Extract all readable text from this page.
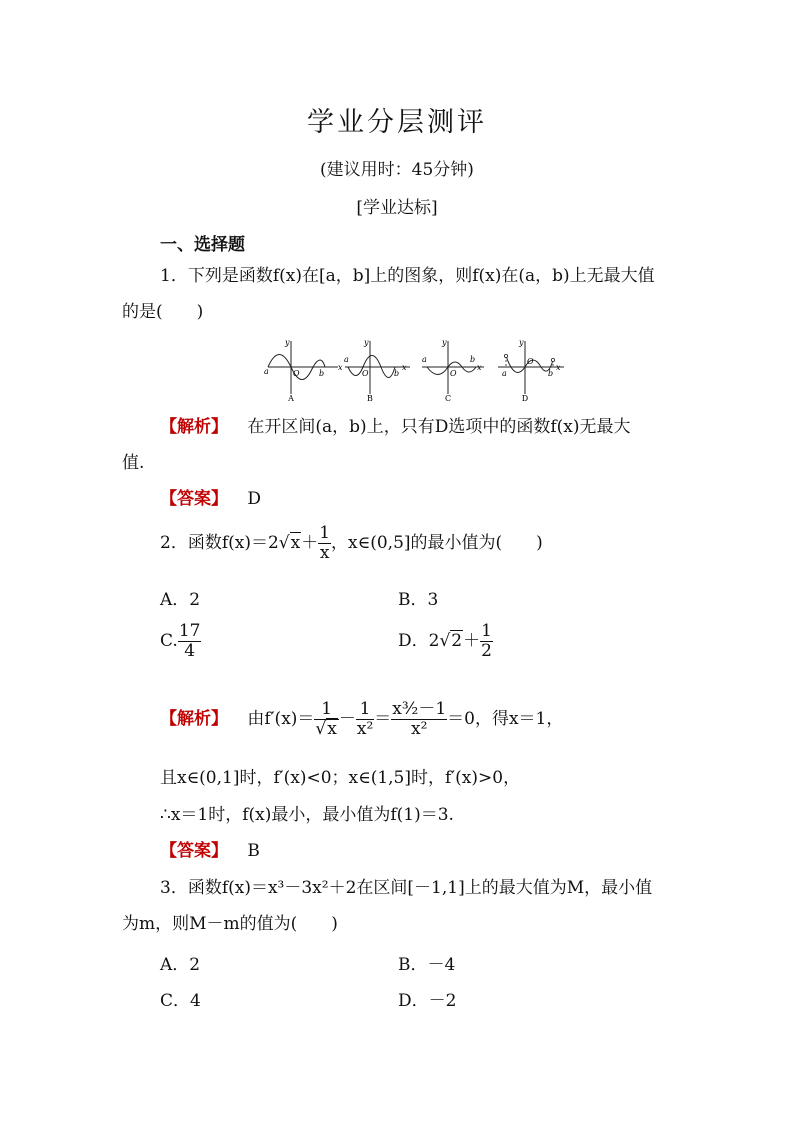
学业分层测评
(建议用时：45分钟)
[学业达标]
一、选择题
1．下列是函数f(x)在[a，b]上的图象，则f(x)在(a，b)上无最大值
的是(　　)
y
x
O
a	b
A
y
x
O
a
b
B
y
x
O
a	b
C
y
x
O
a	b
D
【解析】 在开区间(a，b)上，只有D选项中的函数f(x)无最大
值.
【答案】 D
2．函数$f(x)=2√x+ \frac{1}{x}$ ，x∈(0,5]的最小值为(　　)
A．2	B．3
C. $\frac{17}{4}$	D．$2√2+ \frac{1}{2}$
【解析】 由$f'(x)= \frac{1}{√x} - \frac{1}{\text{x²}} = \frac{\text{x³⁄₂－1}}{\text{x²}} =0$，得x＝1，
且x∈(0,1]时，f′(x)<0；x∈(1,5]时，f′(x)>0，
∴x＝1时，f(x)最小，最小值为f(1)＝3.
【答案】 B
3．函数f(x)＝x³－3x²＋2在区间[－1,1]上的最大值为M，最小值
为m，则M－m的值为(　　)
A．2	B．－4
C．4	D．－2
